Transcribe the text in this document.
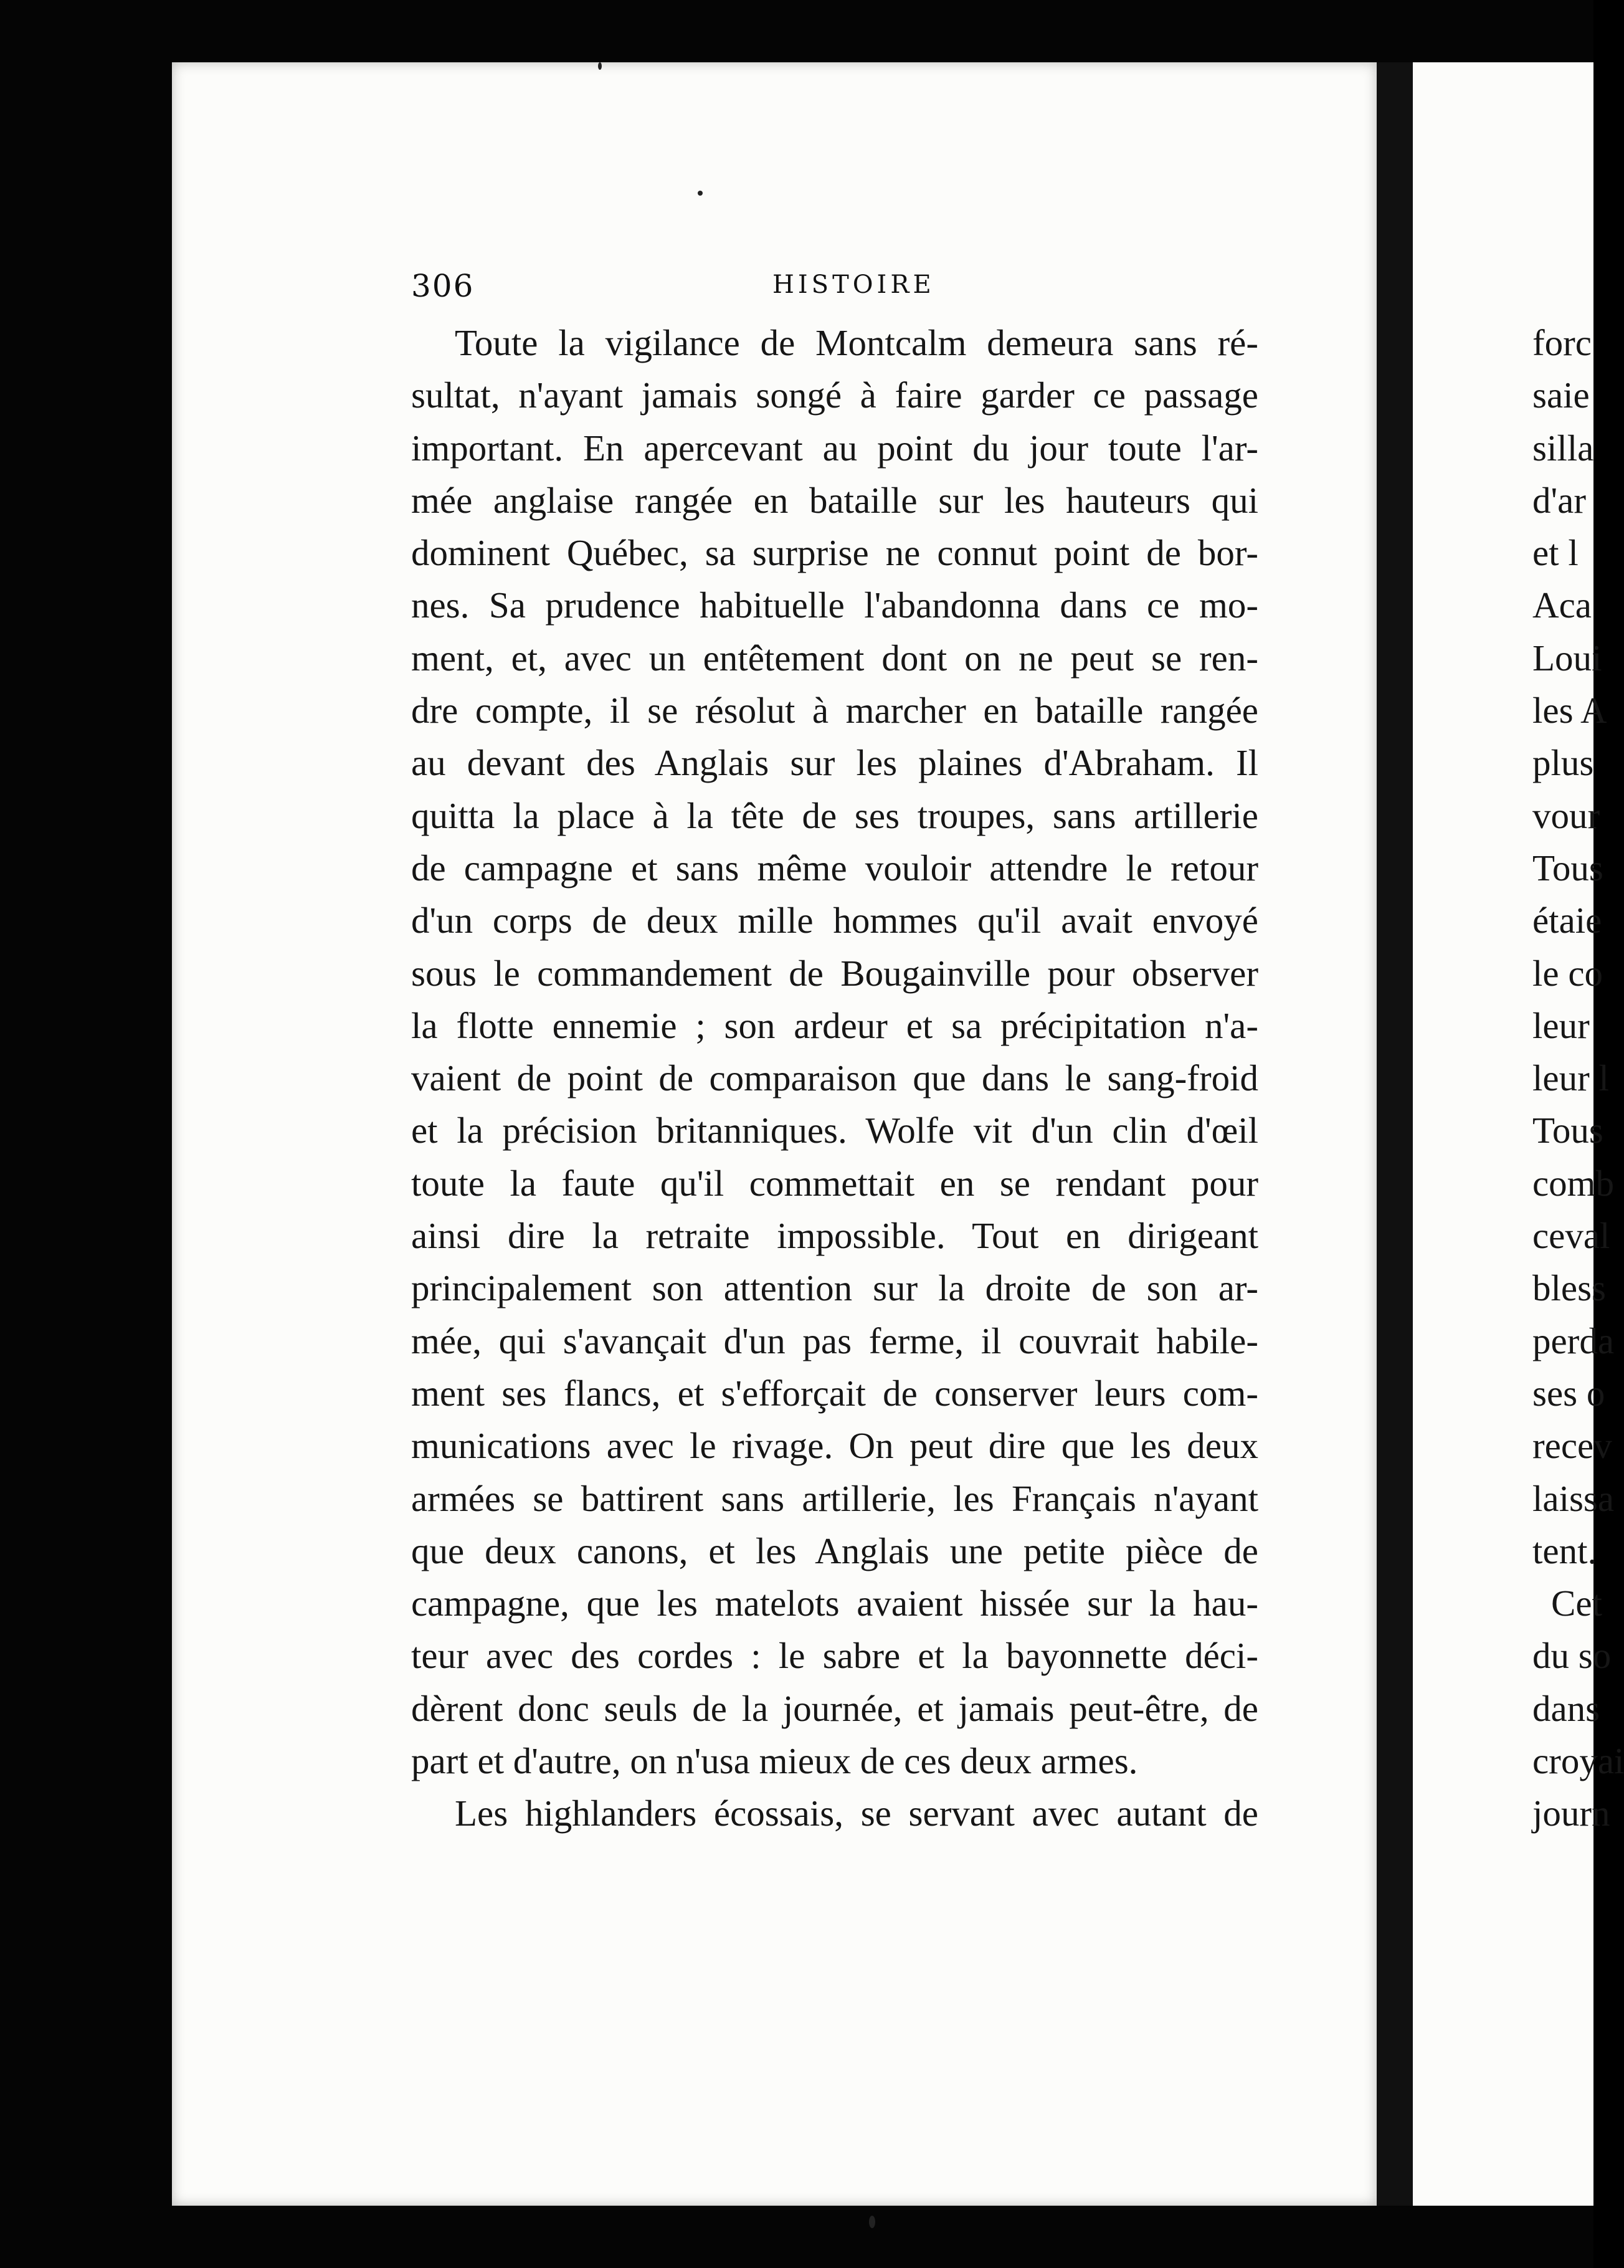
306	HISTOIRE
Toute la vigilance de Montcalm demeura sans ré-
sultat, n'ayant jamais songé à faire garder ce passage
important. En apercevant au point du jour toute l'ar-
mée anglaise rangée en bataille sur les hauteurs qui
dominent Québec, sa surprise ne connut point de bor-
nes. Sa prudence habituelle l'abandonna dans ce mo-
ment, et, avec un entêtement dont on ne peut se ren-
dre compte, il se résolut à marcher en bataille rangée
au devant des Anglais sur les plaines d'Abraham. Il
quitta la place à la tête de ses troupes, sans artillerie
de campagne et sans même vouloir attendre le retour
d'un corps de deux mille hommes qu'il avait envoyé
sous le commandement de Bougainville pour observer
la flotte ennemie ; son ardeur et sa précipitation n'a-
vaient de point de comparaison que dans le sang-froid
et la précision britanniques. Wolfe vit d'un clin d'œil
toute la faute qu'il commettait en se rendant pour
ainsi dire la retraite impossible. Tout en dirigeant
principalement son attention sur la droite de son ar-
mée, qui s'avançait d'un pas ferme, il couvrait habile-
ment ses flancs, et s'efforçait de conserver leurs com-
munications avec le rivage. On peut dire que les deux
armées se battirent sans artillerie, les Français n'ayant
que deux canons, et les Anglais une petite pièce de
campagne, que les matelots avaient hissée sur la hau-
teur avec des cordes : le sabre et la bayonnette déci-
dèrent donc seuls de la journée, et jamais peut-être, de
part et d'autre, on n'usa mieux de ces deux armes.
Les highlanders écossais, se servant avec autant de
forc
saie
silla
d'ar
et l
Aca
Loui
les A
plus
vour
Tous
étaie
le co
leur
leur l
Tous
comb
ceval
bless
perda
ses o
recev
laissa
tent.
Cet
du so
dans
croyai
journ
